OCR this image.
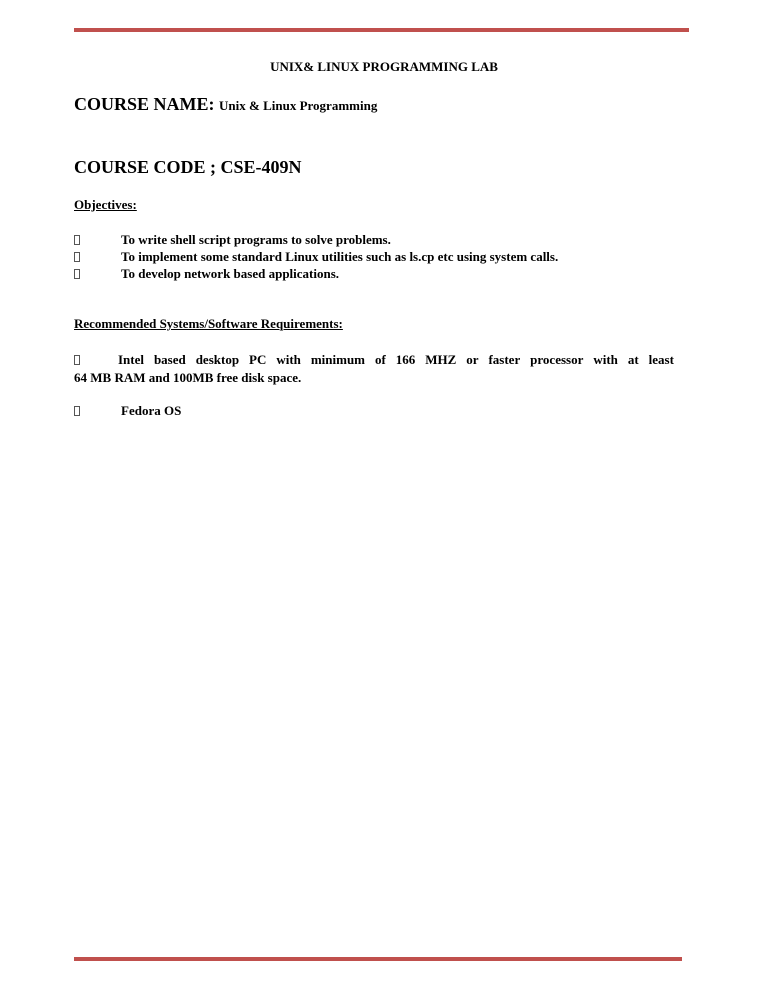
UNIX& LINUX PROGRAMMING LAB
COURSE NAME: Unix & Linux Programming
COURSE CODE ; CSE-409N
Objectives:
To write shell script programs to solve problems.
To implement some standard Linux utilities such as ls.cp etc using system calls.
To develop network based applications.
Recommended Systems/Software Requirements:
Intel based desktop PC with minimum of 166 MHZ or faster processor with at least
64 MB RAM and 100MB free disk space.
Fedora OS
